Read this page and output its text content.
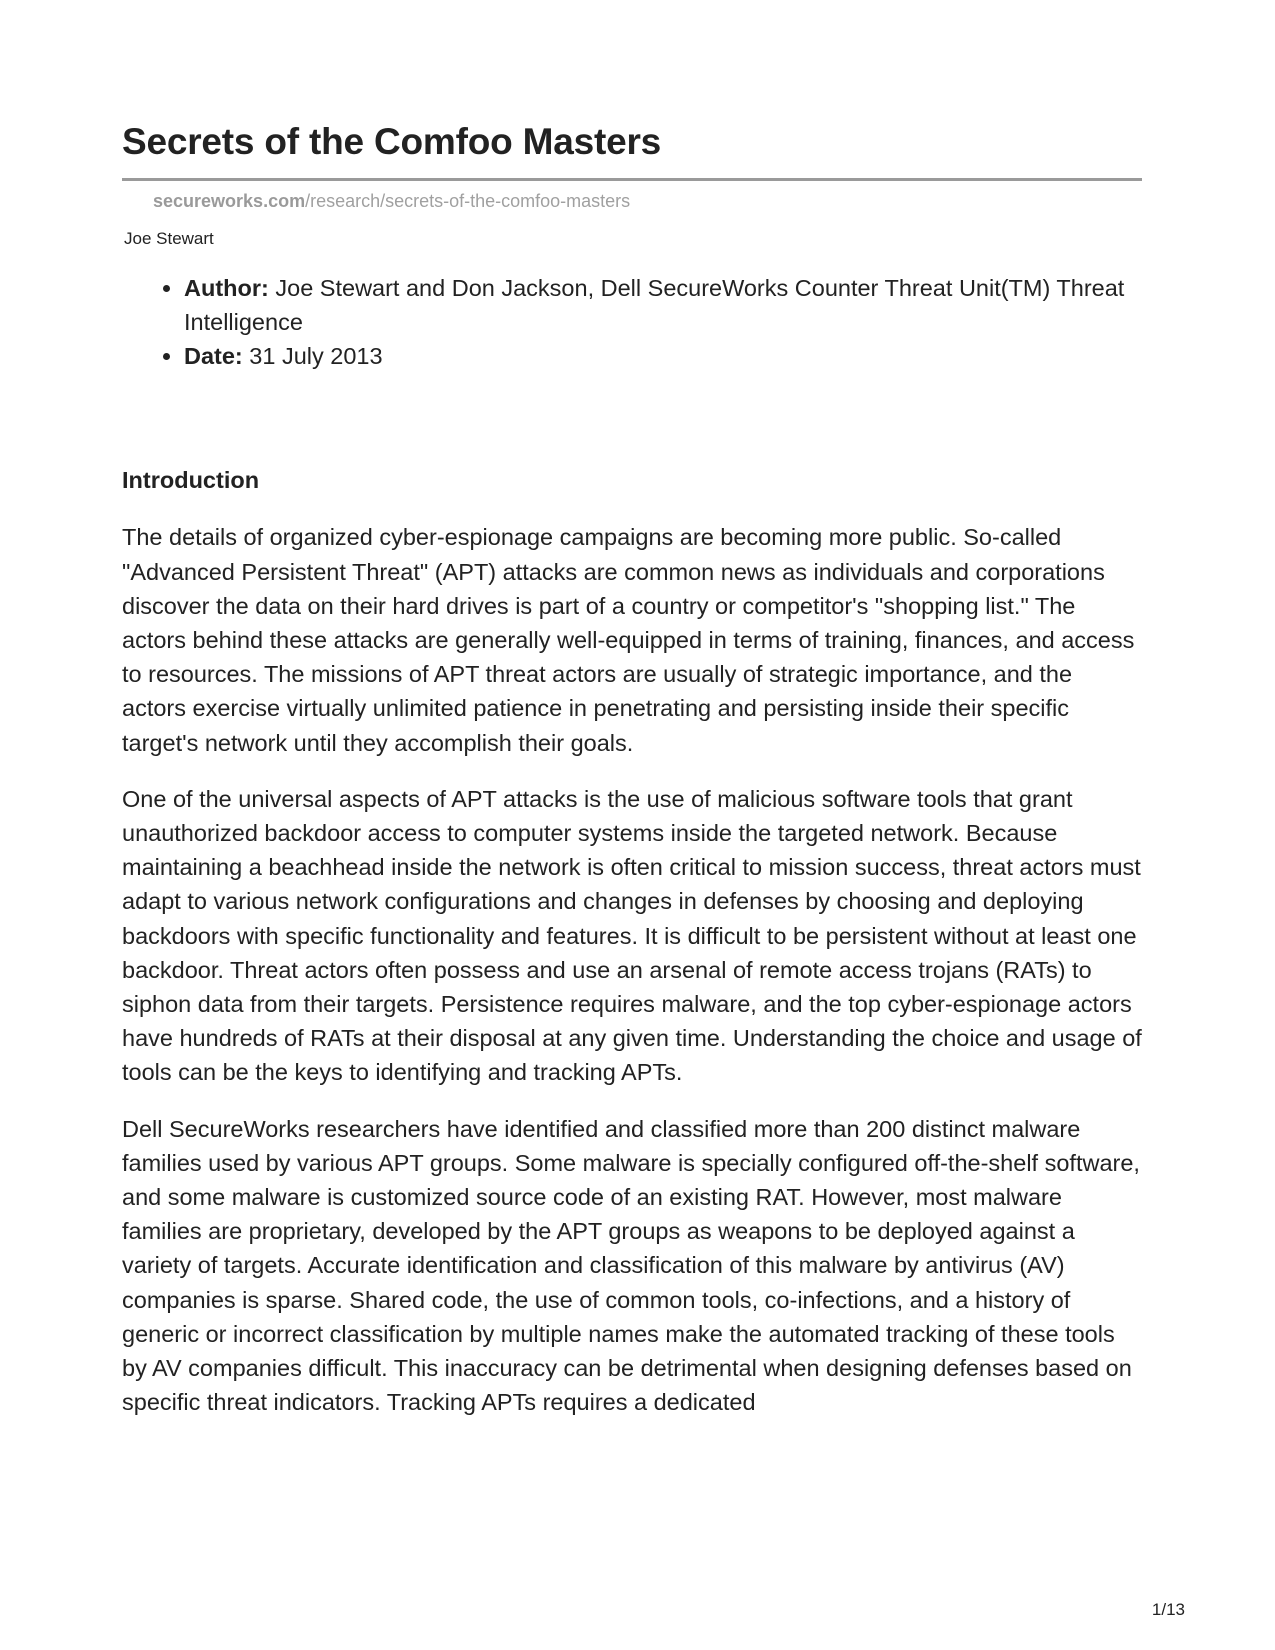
Secrets of the Comfoo Masters
secureworks.com/research/secrets-of-the-comfoo-masters
Joe Stewart
• Author: Joe Stewart and Don Jackson, Dell SecureWorks Counter Threat Unit(TM) Threat Intelligence
• Date: 31 July 2013
Introduction

The details of organized cyber-espionage campaigns are becoming more public. So-called "Advanced Persistent Threat" (APT) attacks are common news as individuals and corporations discover the data on their hard drives is part of a country or competitor's "shopping list." The actors behind these attacks are generally well-equipped in terms of training, finances, and access to resources. The missions of APT threat actors are usually of strategic importance, and the actors exercise virtually unlimited patience in penetrating and persisting inside their specific target's network until they accomplish their goals.

One of the universal aspects of APT attacks is the use of malicious software tools that grant unauthorized backdoor access to computer systems inside the targeted network. Because maintaining a beachhead inside the network is often critical to mission success, threat actors must adapt to various network configurations and changes in defenses by choosing and deploying backdoors with specific functionality and features. It is difficult to be persistent without at least one backdoor. Threat actors often possess and use an arsenal of remote access trojans (RATs) to siphon data from their targets. Persistence requires malware, and the top cyber-espionage actors have hundreds of RATs at their disposal at any given time. Understanding the choice and usage of tools can be the keys to identifying and tracking APTs.

Dell SecureWorks researchers have identified and classified more than 200 distinct malware families used by various APT groups. Some malware is specially configured off-the-shelf software, and some malware is customized source code of an existing RAT. However, most malware families are proprietary, developed by the APT groups as weapons to be deployed against a variety of targets. Accurate identification and classification of this malware by antivirus (AV) companies is sparse. Shared code, the use of common tools, co-infections, and a history of generic or incorrect classification by multiple names make the automated tracking of these tools by AV companies difficult. This inaccuracy can be detrimental when designing defenses based on specific threat indicators. Tracking APTs requires a dedicated

1/13
